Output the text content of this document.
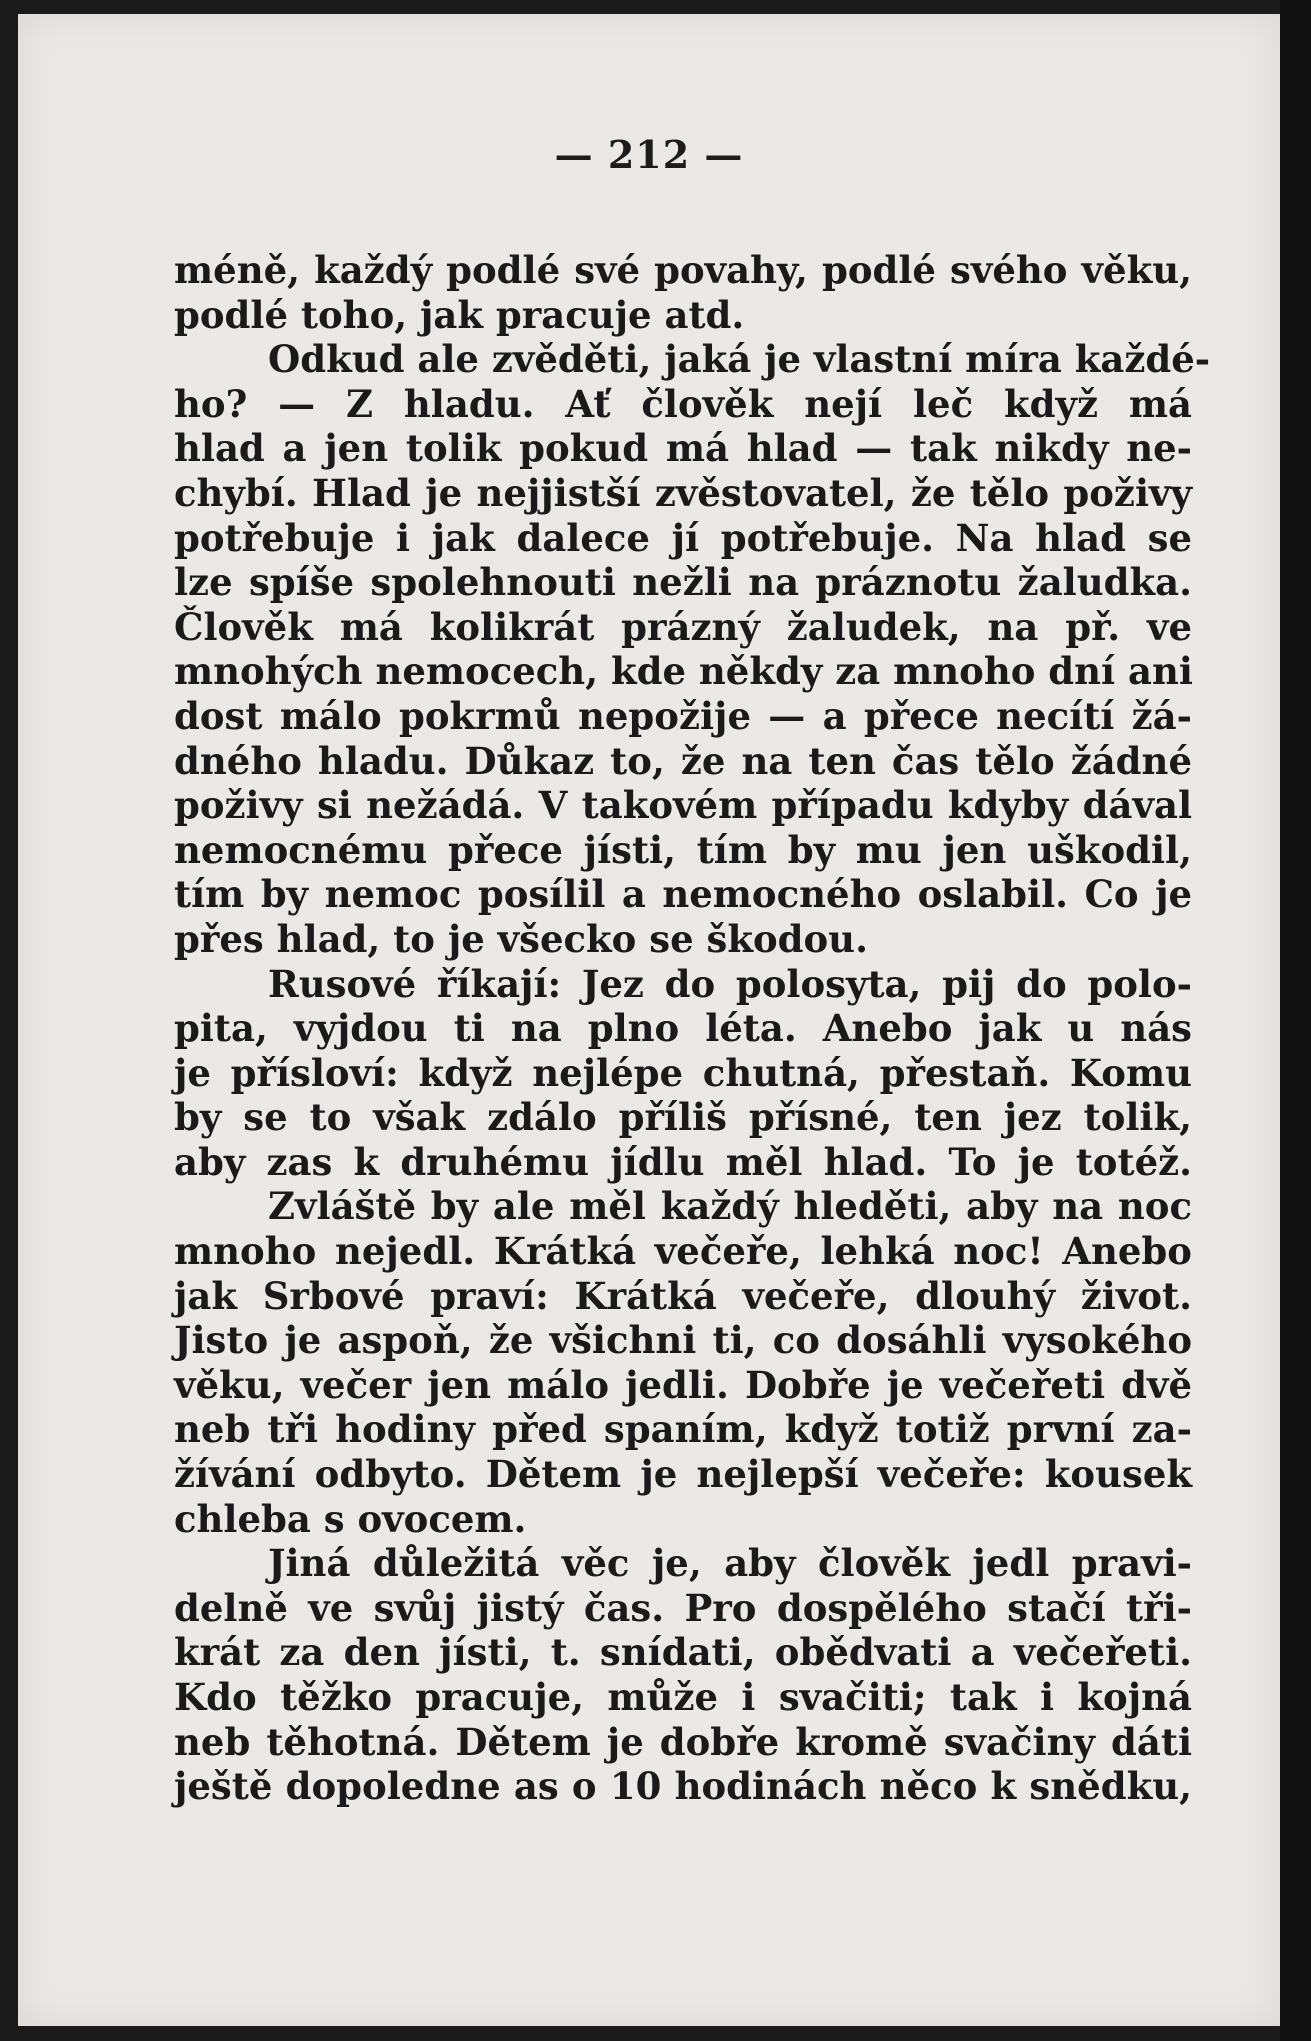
— 212 —
méně, každý podlé své povahy, podlé svého věku,
podlé toho, jak pracuje atd.
Odkud ale zvěděti, jaká je vlastní míra každé-
ho? — Z hladu. Ať člověk nejí leč když má
hlad a jen tolik pokud má hlad — tak nikdy ne-
chybí. Hlad je nejjistší zvěstovatel, že tělo poživy
potřebuje i jak dalece jí potřebuje. Na hlad se
lze spíše spolehnouti nežli na práznotu žaludka.
Člověk má kolikrát prázný žaludek, na př. ve
mnohých nemocech, kde někdy za mnoho dní ani
dost málo pokrmů nepožije — a přece necítí žá-
dného hladu. Důkaz to, že na ten čas tělo žádné
poživy si nežádá. V takovém případu kdyby dával
nemocnému přece jísti, tím by mu jen uškodil,
tím by nemoc posílil a nemocného oslabil. Co je
přes hlad, to je všecko se škodou.
Rusové říkají: Jez do polosyta, pij do polo-
pita, vyjdou ti na plno léta. Anebo jak u nás
je přísloví: když nejlépe chutná, přestaň. Komu
by se to však zdálo příliš přísné, ten jez tolik,
aby zas k druhému jídlu měl hlad. To je totéž.
Zvláště by ale měl každý hleděti, aby na noc
mnoho nejedl. Krátká večeře, lehká noc! Anebo
jak Srbové praví: Krátká večeře, dlouhý život.
Jisto je aspoň, že všichni ti, co dosáhli vysokého
věku, večer jen málo jedli. Dobře je večeřeti dvě
neb tři hodiny před spaním, když totiž první za-
žívání odbyto. Dětem je nejlepší večeře: kousek
chleba s ovocem.
Jiná důležitá věc je, aby člověk jedl pravi-
delně ve svůj jistý čas. Pro dospělého stačí tři-
krát za den jísti, t. snídati, obědvati a večeřeti.
Kdo těžko pracuje, může i svačiti; tak i kojná
neb těhotná. Dětem je dobře kromě svačiny dáti
ještě dopoledne as o 10 hodinách něco k snědku,
